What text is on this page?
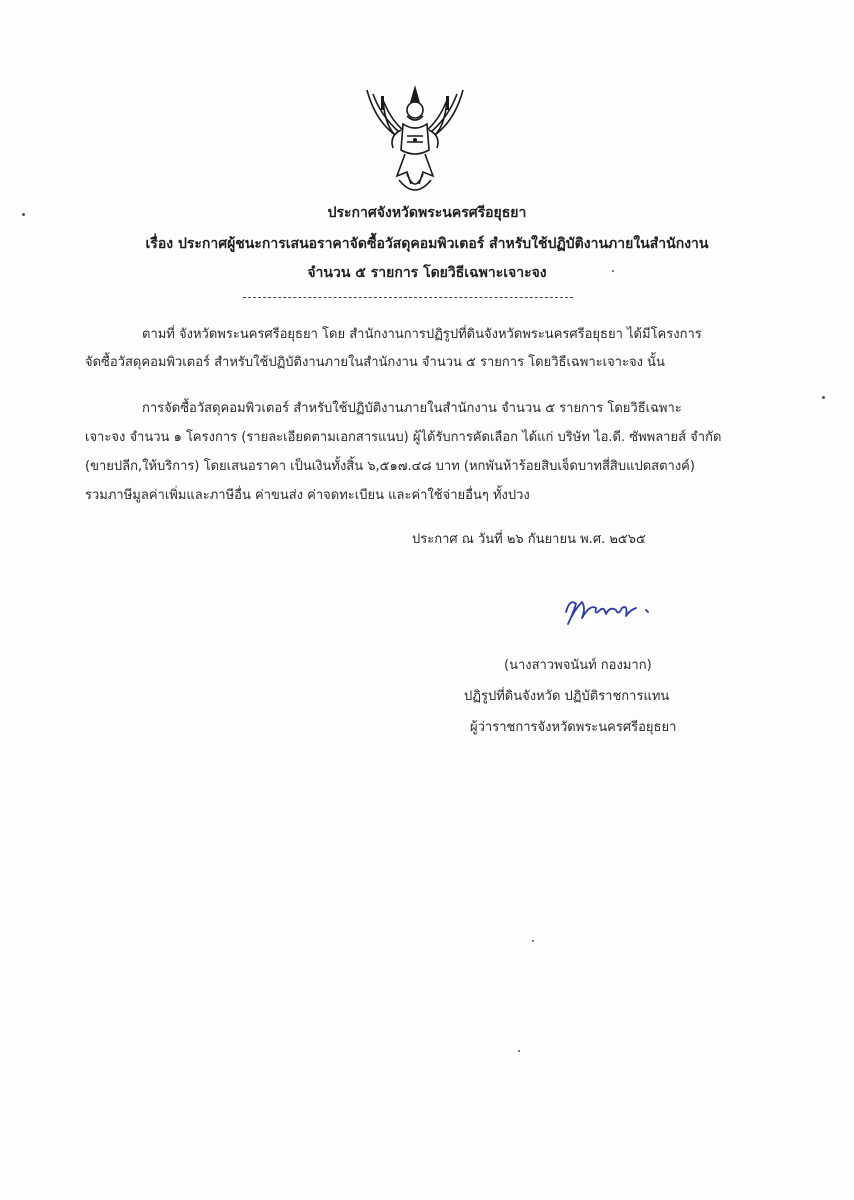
ประกาศจังหวัดพระนครศรีอยุธยา
เรื่อง ประกาศผู้ชนะการเสนอราคาจัดซื้อวัสดุคอมพิวเตอร์ สำหรับใช้ปฏิบัติงานภายในสำนักงาน
จำนวน ๕ รายการ โดยวิธีเฉพาะเจาะจง
ตามที่ จังหวัดพระนครศรีอยุธยา โดย สำนักงานการปฏิรูปที่ดินจังหวัดพระนครศรีอยุธยา ได้มีโครงการ
จัดซื้อวัสดุคอมพิวเตอร์ สำหรับใช้ปฏิบัติงานภายในสำนักงาน จำนวน ๕ รายการ โดยวิธีเฉพาะเจาะจง นั้น
การจัดซื้อวัสดุคอมพิวเตอร์ สำหรับใช้ปฏิบัติงานภายในสำนักงาน จำนวน ๕ รายการ โดยวิธีเฉพาะ
เจาะจง จำนวน ๑ โครงการ (รายละเอียดตามเอกสารแนบ) ผู้ได้รับการคัดเลือก ได้แก่ บริษัท ไอ.ดี. ซัพพลายส์ จำกัด
(ขายปลีก,ให้บริการ) โดยเสนอราคา เป็นเงินทั้งสิ้น ๖,๕๑๗.๔๘ บาท (หกพันห้าร้อยสิบเจ็ดบาทสี่สิบแปดสตางค์)
รวมภาษีมูลค่าเพิ่มและภาษีอื่น ค่าขนส่ง ค่าจดทะเบียน และค่าใช้จ่ายอื่นๆ ทั้งปวง
ประกาศ ณ วันที่ ๒๖ กันยายน พ.ศ. ๒๕๖๕
(นางสาวพจนันท์ กองมาก)
ปฏิรูปที่ดินจังหวัด ปฏิบัติราชการแทน
ผู้ว่าราชการจังหวัดพระนครศรีอยุธยา
